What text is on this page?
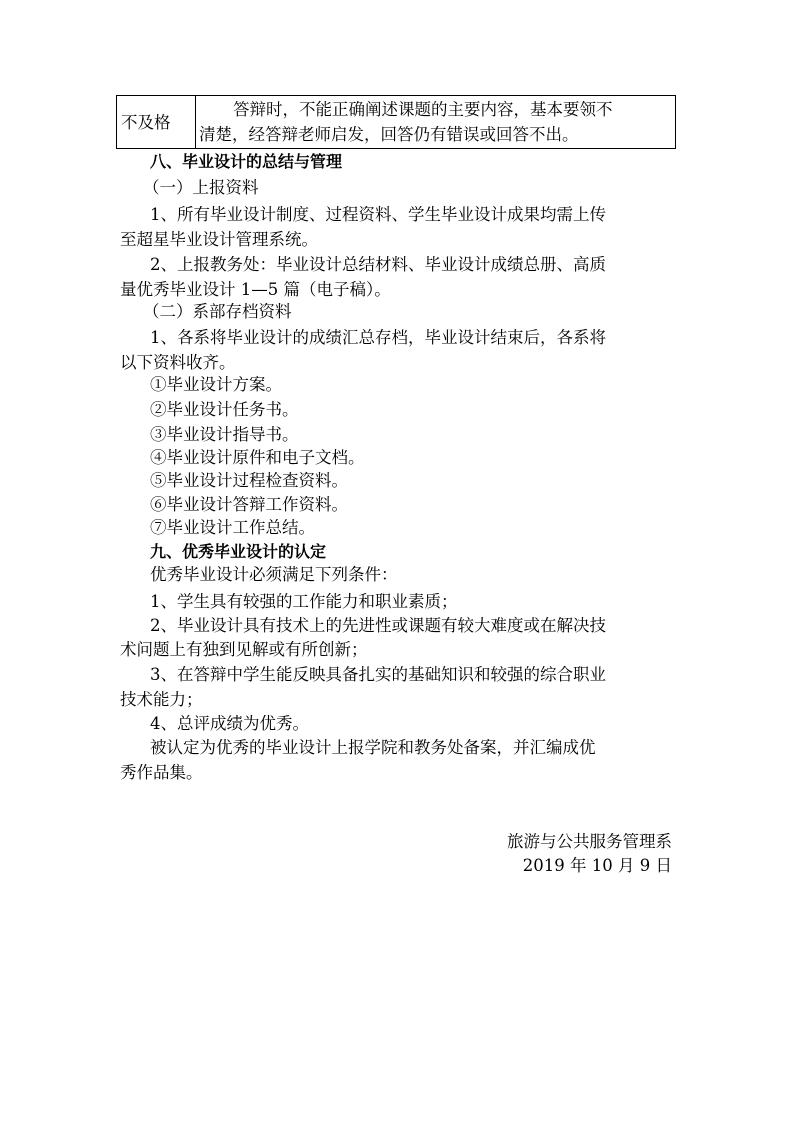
不及格	答辩时，不能正确阐述课题的主要内容，基本要领不
清楚，经答辩老师启发，回答仍有错误或回答不出。
八、毕业设计的总结与管理
（一）上报资料
1、所有毕业设计制度、过程资料、学生毕业设计成果均需上传
至超星毕业设计管理系统。
2、上报教务处：毕业设计总结材料、毕业设计成绩总册、高质
量优秀毕业设计 1—5 篇（电子稿）。
（二）系部存档资料
1、各系将毕业设计的成绩汇总存档，毕业设计结束后，各系将
以下资料收齐。
①毕业设计方案。
②毕业设计任务书。
③毕业设计指导书。
④毕业设计原件和电子文档。
⑤毕业设计过程检查资料。
⑥毕业设计答辩工作资料。
⑦毕业设计工作总结。
九、优秀毕业设计的认定
优秀毕业设计必须满足下列条件：
1、学生具有较强的工作能力和职业素质；
2、毕业设计具有技术上的先进性或课题有较大难度或在解决技
术问题上有独到见解或有所创新；
3、在答辩中学生能反映具备扎实的基础知识和较强的综合职业
技术能力；
4、总评成绩为优秀。
被认定为优秀的毕业设计上报学院和教务处备案，并汇编成优
秀作品集。
旅游与公共服务管理系
2019 年 10 月 9 日
